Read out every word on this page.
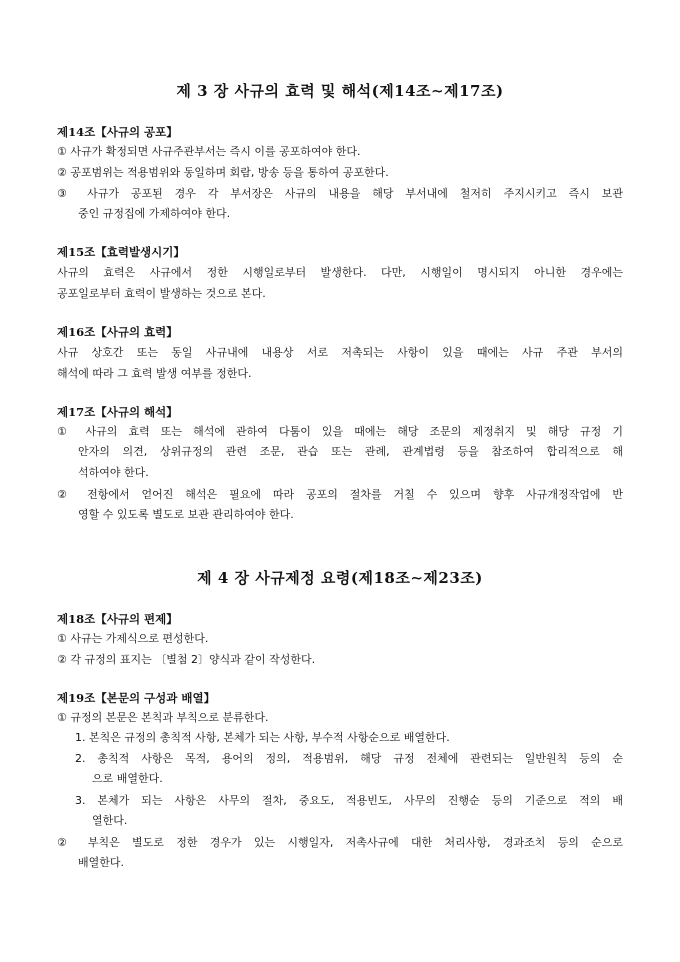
제 3 장 사규의 효력 및 해석(제14조∼제17조)
제14조【사규의 공포】
① 사규가 확정되면 사규주관부서는 즉시 이를 공포하여야 한다.
② 공포범위는 적용범위와 동일하며 회람, 방송 등을 통하여 공포한다.
③ 사규가 공포된 경우 각 부서장은 사규의 내용을 해당 부서내에 철저히 주지시키고 즉시 보관
중인 규정집에 가제하여야 한다.
제15조【효력발생시기】
사규의 효력은 사규에서 정한 시행일로부터 발생한다. 다만, 시행일이 명시되지 아니한 경우에는
공포일로부터 효력이 발생하는 것으로 본다.
제16조【사규의 효력】
사규 상호간 또는 동일 사규내에 내용상 서로 저촉되는 사항이 있을 때에는 사규 주관 부서의
해석에 따라 그 효력 발생 여부를 정한다.
제17조【사규의 해석】
① 사규의 효력 또는 해석에 관하여 다툼이 있을 때에는 해당 조문의 제정취지 및 해당 규정 기
안자의 의견, 상위규정의 관련 조문, 관습 또는 관례, 관계법령 등을 참조하여 합리적으로 해
석하여야 한다.
② 전항에서 얻어진 해석은 필요에 따라 공포의 절차를 거칠 수 있으며 향후 사규개정작업에 반
영할 수 있도록 별도로 보관 관리하여야 한다.
제 4 장 사규제정 요령(제18조∼제23조)
제18조【사규의 편제】
① 사규는 가제식으로 편성한다.
② 각 규정의 표지는 〔별첨 2〕양식과 같이 작성한다.
제19조【본문의 구성과 배열】
① 규정의 본문은 본칙과 부칙으로 분류한다.
1. 본칙은 규정의 총칙적 사항, 본체가 되는 사항, 부수적 사항순으로 배열한다.
2. 총칙적 사항은 목적, 용어의 정의, 적용범위, 해당 규정 전체에 관련되는 일반원칙 등의 순
으로 배열한다.
3. 본체가 되는 사항은 사무의 절차, 중요도, 적용빈도, 사무의 진행순 등의 기준으로 적의 배
열한다.
② 부칙은 별도로 정한 경우가 있는 시행일자, 저촉사규에 대한 처리사항, 경과조치 등의 순으로
배열한다.
